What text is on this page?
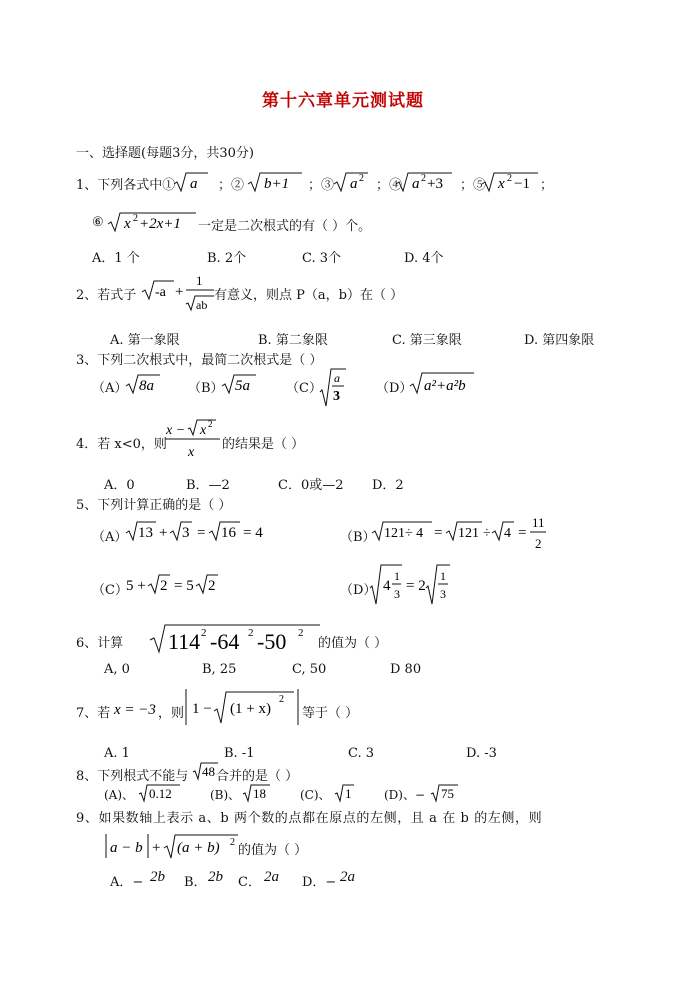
第十六章单元测试题
一、选择题(每题3分，共30分)
1、下列各式中① a ；② b+1 ；③ a 2 ；④ a 2 +3 ；⑤ x 2 −1 ；
⑥ x 2 +2x+1 一定是二次根式的有（ ）个。
A．1 个	B. 2个	C. 3个	D. 4个
2、若式子 -a +
1
ab
有意义，则点 P（a，b）在（ ）
A. 第一象限	B. 第二象限	C. 第三象限	D. 第四象限
3、下列二次根式中，最简二次根式是（ ）
（A） 8a	（B） 5a	（C）
a
3
（D） a²+a²b
4．若 x<0，则
x − x 2
x
的结果是（ ）
A．0	B．—2	C．0或—2 D．2
5、下列计算正确的是（ ）
（A） 13 + 3 = 16 = 4	（B） 121÷ 4 = 121 ÷ 4 =
11
2
（C）
5 + 2 = 5 2	（D） 4
1
3 = 2
1
3
6、计算 114 2 -64 2 -50 2
的值为（ ）
A, 0	B, 25	C, 50	D 80
7、若 x = −3 ，则 1 − (1 + x)
2
等于（ ）
A. 1	B. -1	C. 3	D. -3
8、下列根式不能与 48 合并的是（ ）
(A)、 0.12	(B)、 18	(C)、 1	(D)、− 75
9、如果数轴上表示 a、b 两个数的点都在原点的左侧，且 a 在 b 的左侧，则
a − b + (a + b) 2
的值为（ ）
A．− 2b B． 2b C． 2a D．− 2a
